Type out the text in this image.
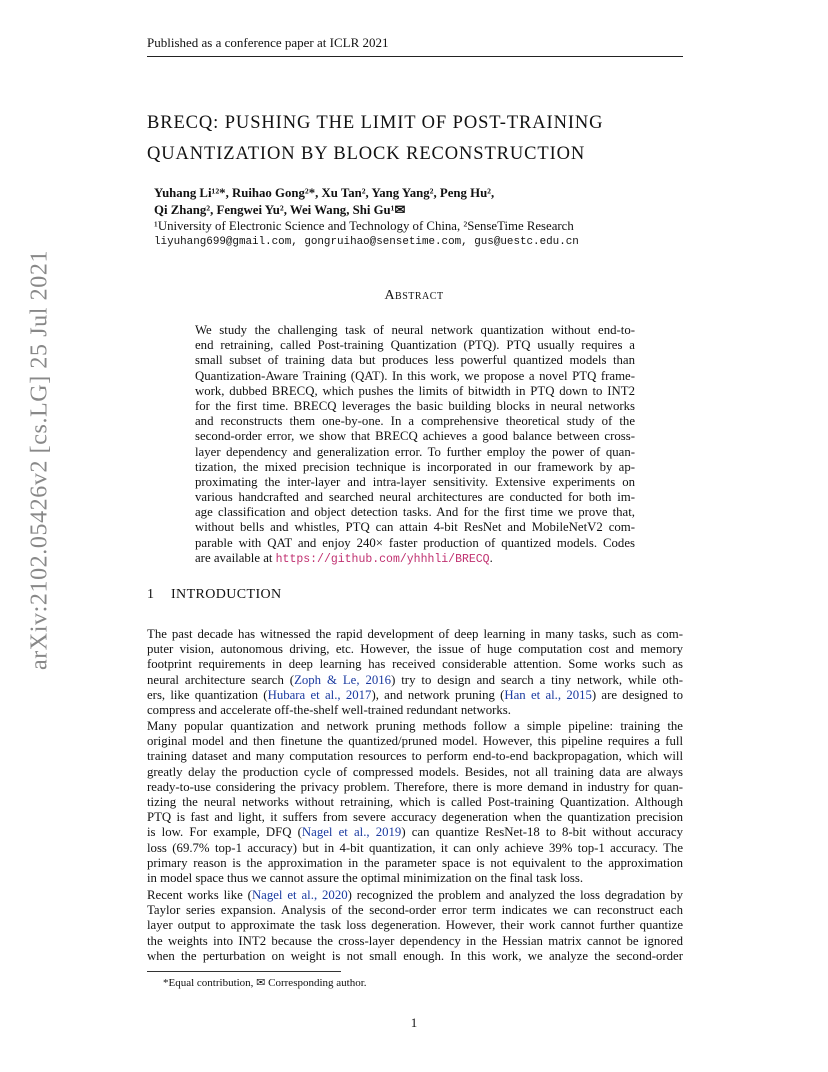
Published as a conference paper at ICLR 2021
arXiv:2102.05426v2 [cs.LG] 25 Jul 2021
BRECQ: PUSHING THE LIMIT OF POST-TRAINING
QUANTIZATION BY BLOCK RECONSTRUCTION
Yuhang Li¹²*, Ruihao Gong²*, Xu Tan², Yang Yang², Peng Hu²,
Qi Zhang², Fengwei Yu², Wei Wang, Shi Gu¹✉
¹University of Electronic Science and Technology of China, ²SenseTime Research
liyuhang699@gmail.com, gongruihao@sensetime.com, gus@uestc.edu.cn
Abstract
We study the challenging task of neural network quantization without end-to-
end retraining, called Post-training Quantization (PTQ). PTQ usually requires a
small subset of training data but produces less powerful quantized models than
Quantization-Aware Training (QAT). In this work, we propose a novel PTQ frame-
work, dubbed BRECQ, which pushes the limits of bitwidth in PTQ down to INT2
for the first time. BRECQ leverages the basic building blocks in neural networks
and reconstructs them one-by-one. In a comprehensive theoretical study of the
second-order error, we show that BRECQ achieves a good balance between cross-
layer dependency and generalization error. To further employ the power of quan-
tization, the mixed precision technique is incorporated in our framework by ap-
proximating the inter-layer and intra-layer sensitivity. Extensive experiments on
various handcrafted and searched neural architectures are conducted for both im-
age classification and object detection tasks. And for the first time we prove that,
without bells and whistles, PTQ can attain 4-bit ResNet and MobileNetV2 com-
parable with QAT and enjoy 240× faster production of quantized models. Codes
are available at https://github.com/yhhhli/BRECQ.
1 INTRODUCTION
The past decade has witnessed the rapid development of deep learning in many tasks, such as com-
puter vision, autonomous driving, etc. However, the issue of huge computation cost and memory
footprint requirements in deep learning has received considerable attention. Some works such as
neural architecture search (Zoph & Le, 2016) try to design and search a tiny network, while oth-
ers, like quantization (Hubara et al., 2017), and network pruning (Han et al., 2015) are designed to
compress and accelerate off-the-shelf well-trained redundant networks.
Many popular quantization and network pruning methods follow a simple pipeline: training the
original model and then finetune the quantized/pruned model. However, this pipeline requires a full
training dataset and many computation resources to perform end-to-end backpropagation, which will
greatly delay the production cycle of compressed models. Besides, not all training data are always
ready-to-use considering the privacy problem. Therefore, there is more demand in industry for quan-
tizing the neural networks without retraining, which is called Post-training Quantization. Although
PTQ is fast and light, it suffers from severe accuracy degeneration when the quantization precision
is low. For example, DFQ (Nagel et al., 2019) can quantize ResNet-18 to 8-bit without accuracy
loss (69.7% top-1 accuracy) but in 4-bit quantization, it can only achieve 39% top-1 accuracy. The
primary reason is the approximation in the parameter space is not equivalent to the approximation
in model space thus we cannot assure the optimal minimization on the final task loss.
Recent works like (Nagel et al., 2020) recognized the problem and analyzed the loss degradation by
Taylor series expansion. Analysis of the second-order error term indicates we can reconstruct each
layer output to approximate the task loss degeneration. However, their work cannot further quantize
the weights into INT2 because the cross-layer dependency in the Hessian matrix cannot be ignored
when the perturbation on weight is not small enough. In this work, we analyze the second-order
*Equal contribution, ✉ Corresponding author.
1
